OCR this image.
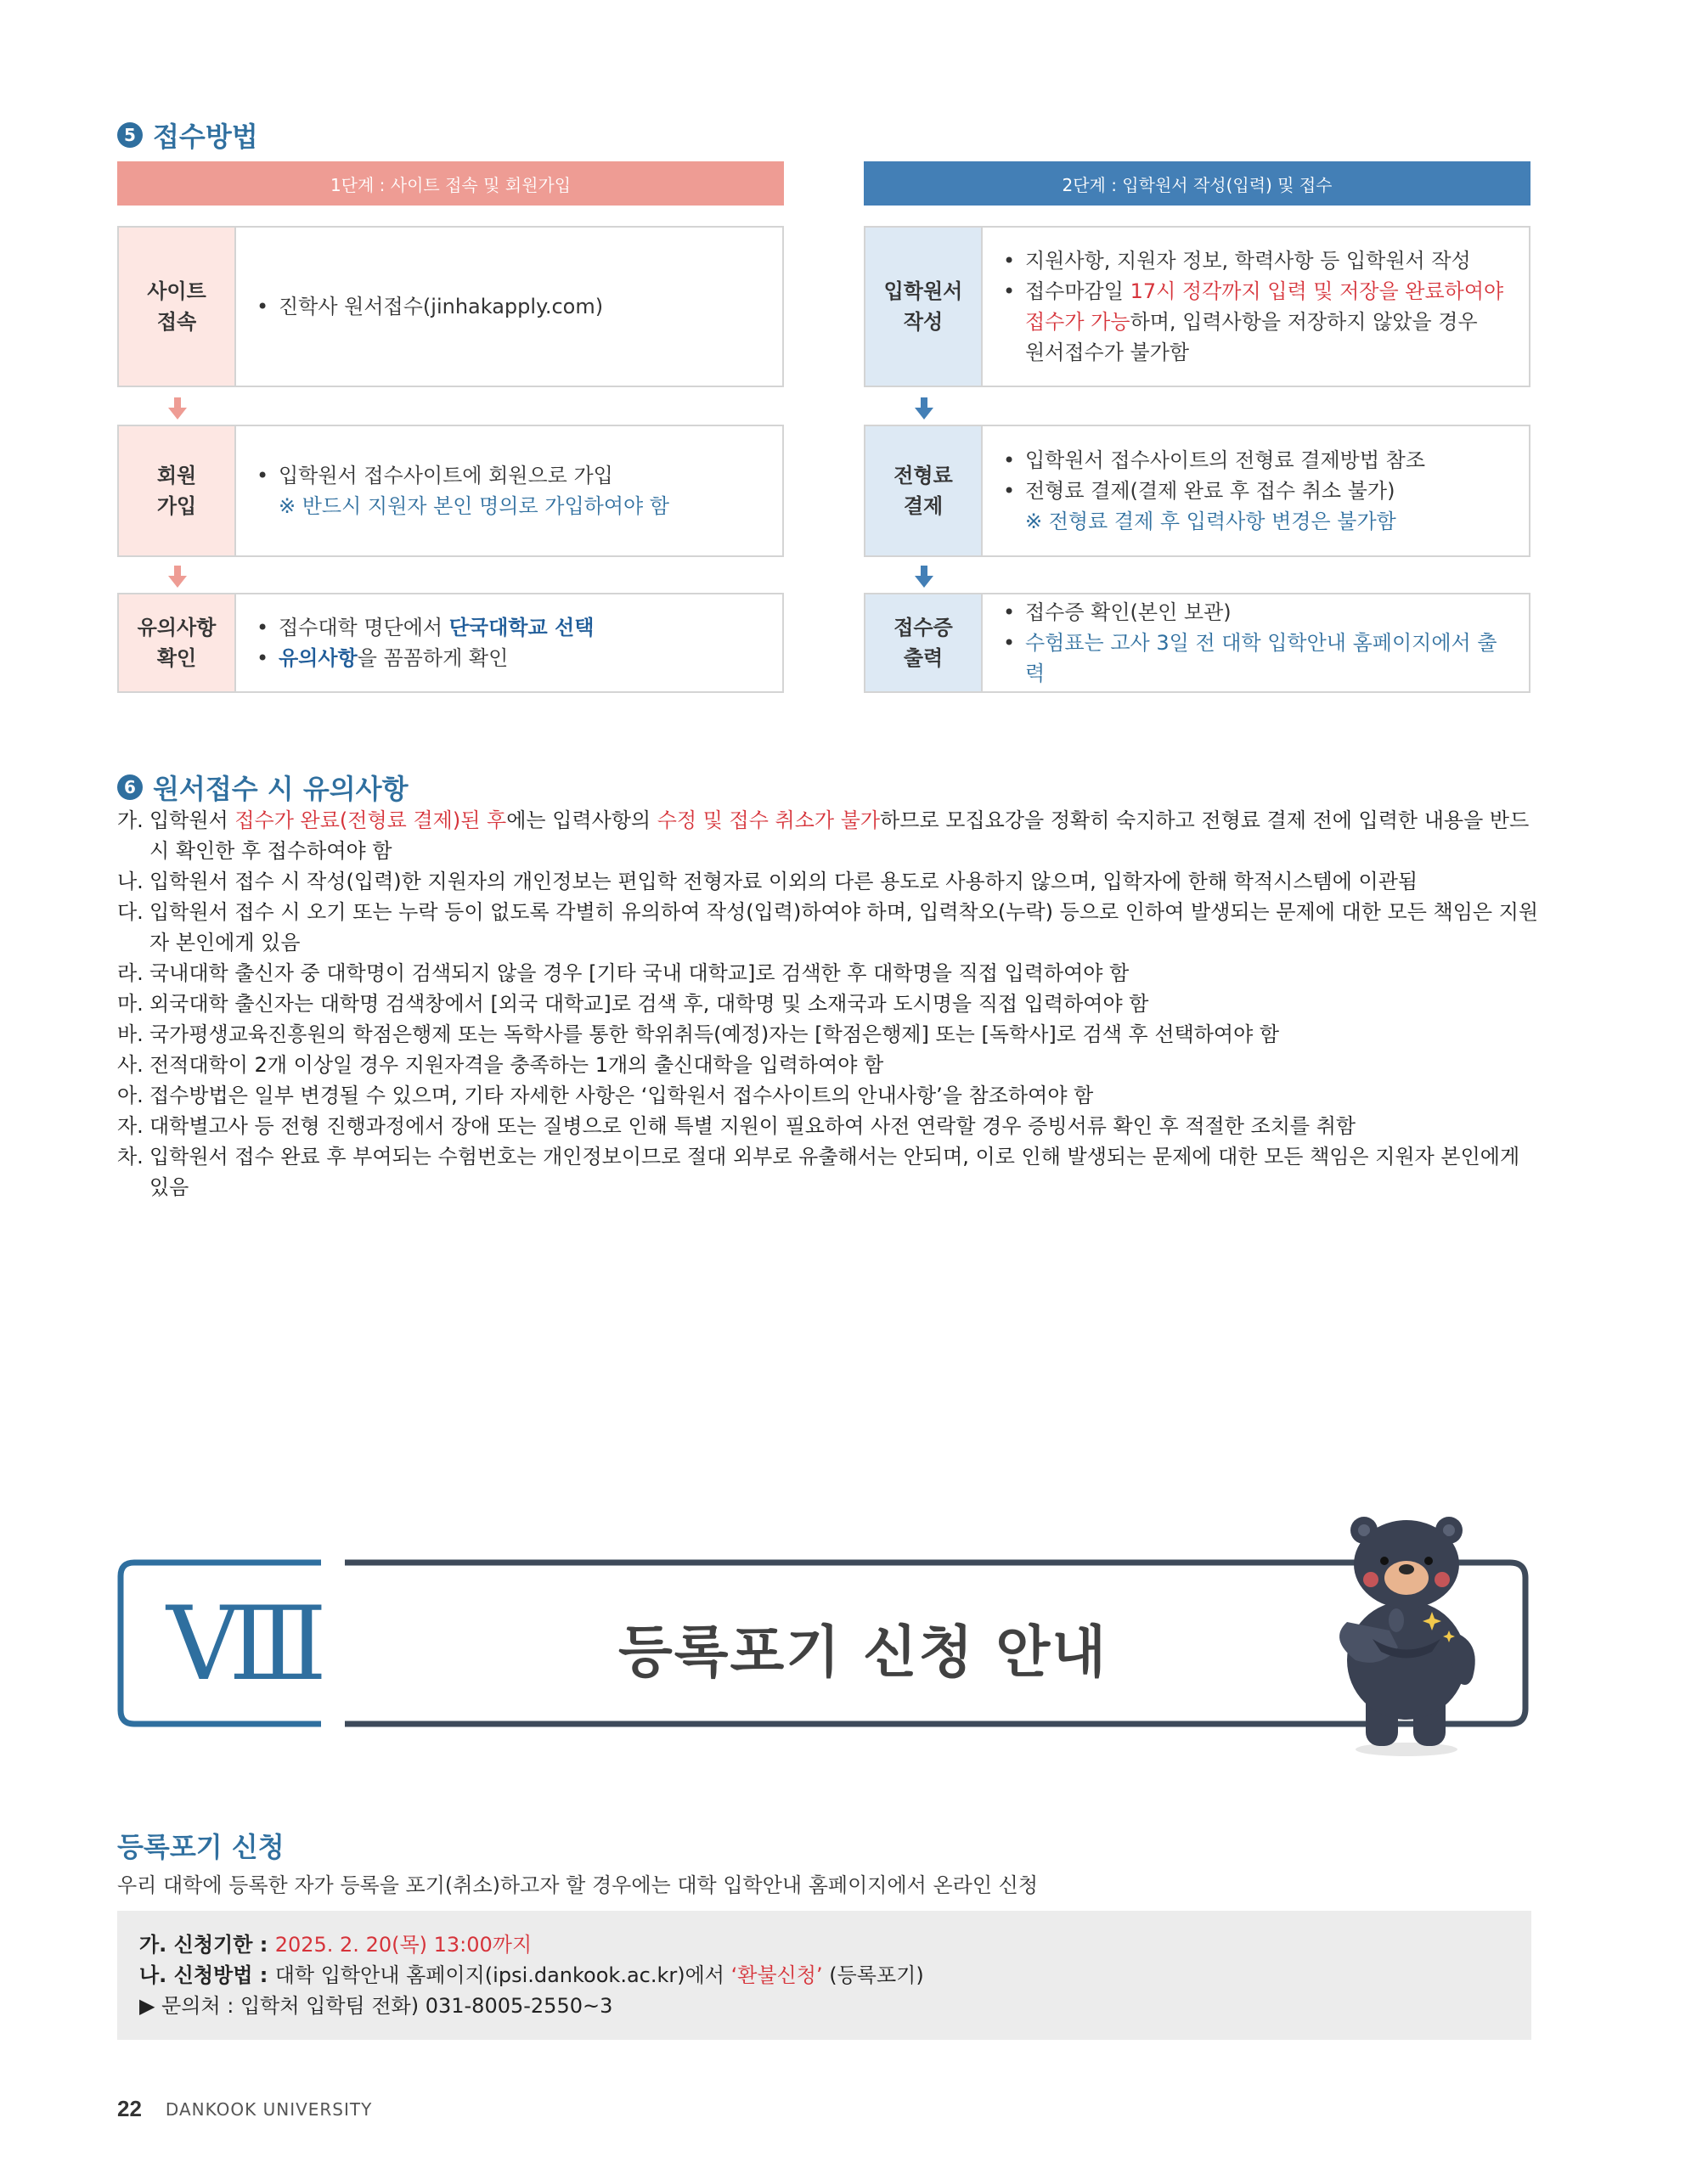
5 접수방법
1단계 : 사이트 접속 및 회원가입	2단계 : 입학원서 작성(입력) 및 접수
사이트
접속
• 진학사 원서접수(jinhakapply.com)
회원
가입
• 입학원서 접수사이트에 회원으로 가입
※ 반드시 지원자 본인 명의로 가입하여야 함
유의사항
확인
• 접수대학 명단에서 단국대학교 선택
• 유의사항을 꼼꼼하게 확인
입학원서
작성
• 지원사항, 지원자 정보, 학력사항 등 입학원서 작성
• 접수마감일 17시 정각까지 입력 및 저장을 완료하여야
접수가 가능하며, 입력사항을 저장하지 않았을 경우
원서접수가 불가함
전형료
결제
• 입학원서 접수사이트의 전형료 결제방법 참조
• 전형료 결제(결제 완료 후 접수 취소 불가)
※ 전형료 결제 후 입력사항 변경은 불가함
접수증
출력
• 접수증 확인(본인 보관)
• 수험표는 고사 3일 전 대학 입학안내 홈페이지에서 출력
6 원서접수 시 유의사항
가. 입학원서 접수가 완료(전형료 결제)된 후에는 입력사항의 수정 및 접수 취소가 불가하므로 모집요강을 정확히 숙지하고 전형료 결제 전에 입력한 내용을 반드시 확인한 후 접수하여야 함
나. 입학원서 접수 시 작성(입력)한 지원자의 개인정보는 편입학 전형자료 이외의 다른 용도로 사용하지 않으며, 입학자에 한해 학적시스템에 이관됨
다. 입학원서 접수 시 오기 또는 누락 등이 없도록 각별히 유의하여 작성(입력)하여야 하며, 입력착오(누락) 등으로 인하여 발생되는 문제에 대한 모든 책임은 지원자 본인에게 있음
라. 국내대학 출신자 중 대학명이 검색되지 않을 경우 [기타 국내 대학교]로 검색한 후 대학명을 직접 입력하여야 함
마. 외국대학 출신자는 대학명 검색창에서 [외국 대학교]로 검색 후, 대학명 및 소재국과 도시명을 직접 입력하여야 함
바. 국가평생교육진흥원의 학점은행제 또는 독학사를 통한 학위취득(예정)자는 [학점은행제] 또는 [독학사]로 검색 후 선택하여야 함
사. 전적대학이 2개 이상일 경우 지원자격을 충족하는 1개의 출신대학을 입력하여야 함
아. 접수방법은 일부 변경될 수 있으며, 기타 자세한 사항은 ‘입학원서 접수사이트의 안내사항’을 참조하여야 함
자. 대학별고사 등 전형 진행과정에서 장애 또는 질병으로 인해 특별 지원이 필요하여 사전 연락할 경우 증빙서류 확인 후 적절한 조치를 취함
차. 입학원서 접수 완료 후 부여되는 수험번호는 개인정보이므로 절대 외부로 유출해서는 안되며, 이로 인해 발생되는 문제에 대한 모든 책임은 지원자 본인에게 있음
Ⅷ	등록포기 신청 안내
등록포기 신청
우리 대학에 등록한 자가 등록을 포기(취소)하고자 할 경우에는 대학 입학안내 홈페이지에서 온라인 신청
가. 신청기한 : 2025. 2. 20(목) 13:00까지
나. 신청방법 : 대학 입학안내 홈페이지(ipsi.dankook.ac.kr)에서 ‘환불신청’ (등록포기)
▶ 문의처 : 입학처 입학팀 전화) 031-8005-2550~3
22 DANKOOK UNIVERSITY
